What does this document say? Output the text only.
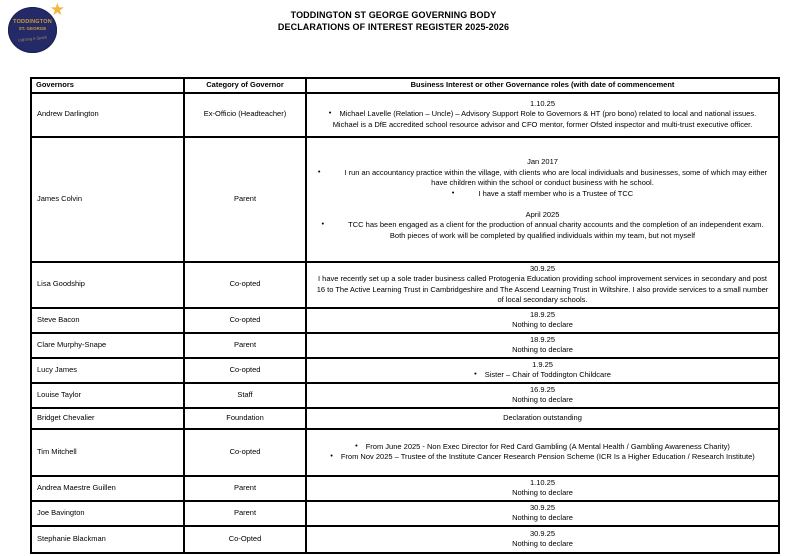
TODDINGTON
ST. GEORGE
Lighting A Spark
★	TODDINGTON ST GEORGE GOVERNING BODY
DECLARATIONS OF INTEREST REGISTER 2025-2026
Governors	Category of Governor	Business Interest or other Governance roles (with date of commencement
Andrew Darlington	Ex-Officio (Headteacher)	1.10.25
• Michael Lavelle (Relation – Uncle) – Advisory Support Role to Governors & HT (pro bono) related to local and national issues. Michael is a DfE accredited school resource advisor and CFO mentor, former Ofsted inspector and multi-trust executive officer.

James Colvin	Parent	Jan 2017
• I run an accountancy practice within the village, with clients who are local individuals and businesses, some of which may either have children within the school or conduct business with he school.
• I have a staff member who is a Trustee of TCC
April 2025
• TCC has been engaged as a client for the production of annual charity accounts and the completion of an independent exam. Both pieces of work will be completed by qualified individuals within my team, but not myself

Lisa Goodship	Co-opted	30.9.25
I have recently set up a sole trader business called Protogenia Education providing school improvement services in secondary and post 16 to The Active Learning Trust in Cambridgeshire and The Ascend Learning Trust in Wiltshire. I also provide services to a small number of local secondary schools.

Steve Bacon	Co-opted	18.9.25
Nothing to declare

Clare Murphy-Snape	Parent	18.9.25
Nothing to declare

Lucy James	Co-opted	1.9.25
• Sister – Chair of Toddington Childcare

Louise Taylor	Staff	16.9.25
Nothing to declare

Bridget Chevalier	Foundation	Declaration outstanding

Tim Mitchell	Co-opted	• From June 2025 - Non Exec Director for Red Card Gambling (A Mental Health / Gambling Awareness Charity)
• From Nov 2025 – Trustee of the Institute Cancer Research Pension Scheme (ICR Is a Higher Education / Research Institute)

Andrea Maestre Guillen	Parent	1.10.25
Nothing to declare

Joe Bavington	Parent	30.9.25
Nothing to declare

Stephanie Blackman	Co-Opted	30.9.25
Nothing to declare
